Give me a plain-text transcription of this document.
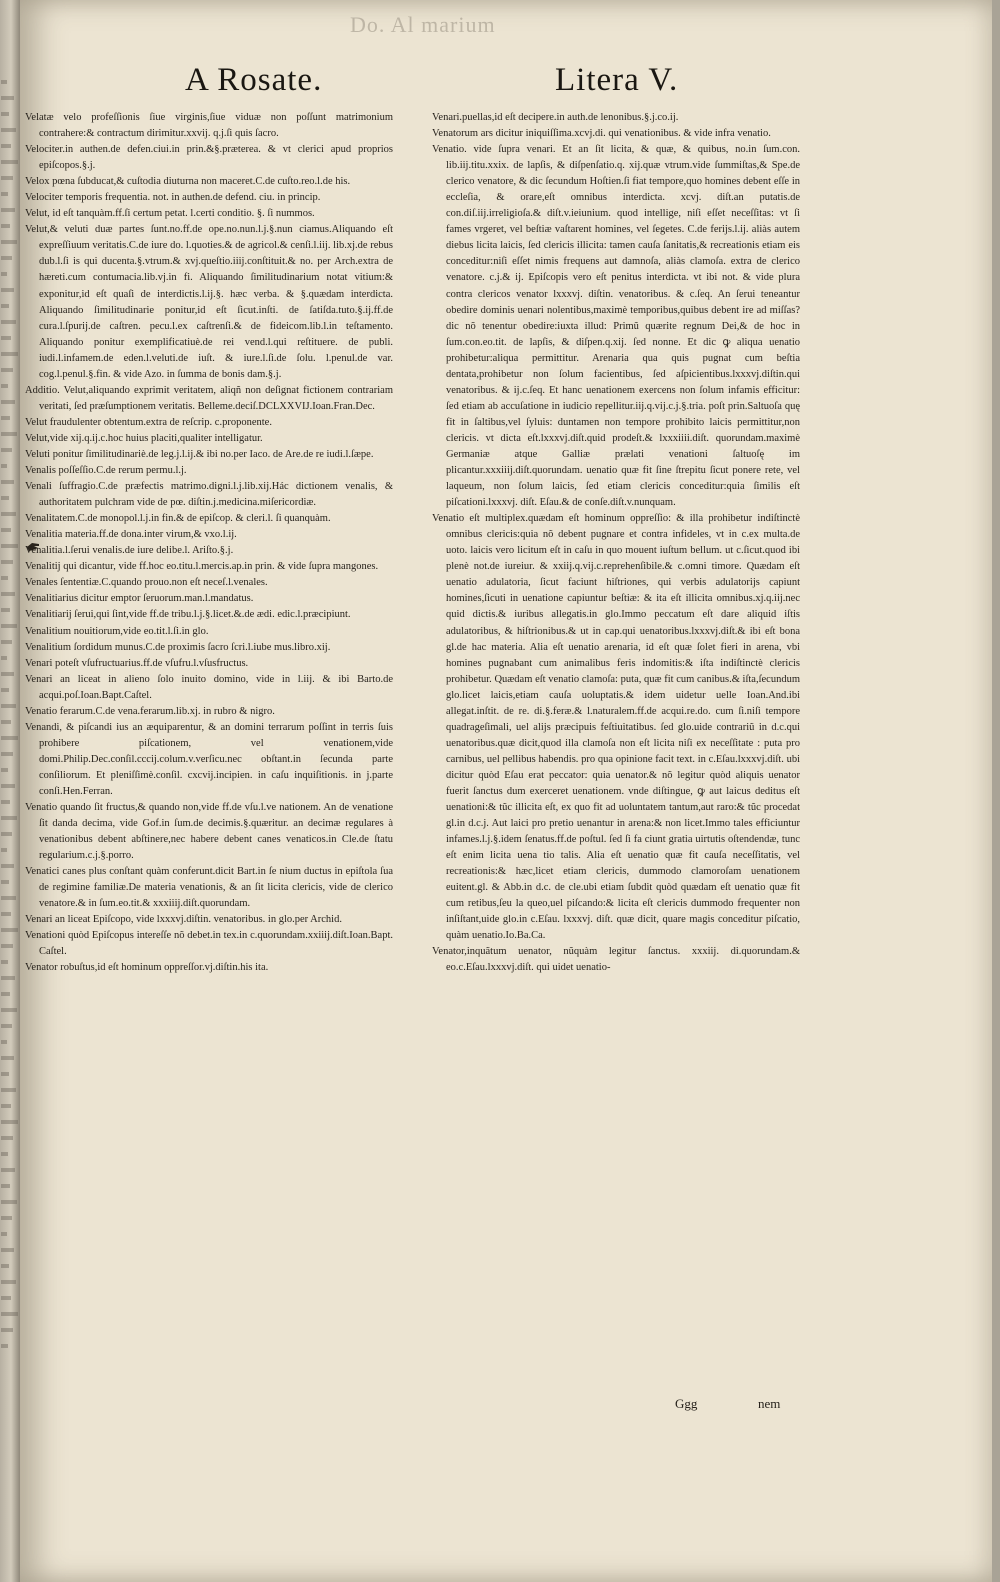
Do. Al marium
A Rosate.	Litera V.

Velatæ velo profeſſionis ſiue virginis,ſiue viduæ non poſſunt matrimonium contrahere:& contractum dirimitur.xxvij. q.j.ſi quis ſacro.

Velociter.in authen.de defen.ciui.in prin.&§.præterea. & vt clerici apud proprios epiſcopos.§.j.

Velox pœna ſubducat,& cuſtodia diuturna non maceret.C.de cuſto.reo.l.de his.

Velociter temporis frequentia. not. in authen.de defend. ciu. in princip.

Velut, id eſt tanquàm.ff.ſi certum petat. l.certi conditio. §. ſi nummos.

Velut,& veluti duæ partes ſunt.no.ff.de ope.no.nun.l.j.§.nun ciamus.Aliquando eſt expreſſiuum veritatis.C.de iure do. l.quoties.& de agricol.& cenſi.l.iij. lib.xj.de rebus dub.l.ſi is qui ducenta.§.vtrum.& xvj.queſtio.iiij.conſtituit.& no. per Arch.extra de hæreti.cum contumacia.lib.vj.in fi. Aliquando ſimilitudinarium notat vitium:& exponitur,id eſt quaſi de interdictis.l.ij.§. hæc verba. & §.quædam interdicta. Aliquando ſimilitudinarie ponitur,id eſt ſicut.inſti. de ſatiſda.tuto.§.ij.ff.de cura.l.ſpurij.de caſtren. pecu.l.ex caſtrenſi.& de fideicom.lib.l.in teſtamento. Aliquando ponitur exemplificatiuè.de rei vend.l.qui reſtituere. de publi. iudi.l.infamem.de eden.l.veluti.de iuſt. & iure.l.ſi.de ſolu. l.penul.de var. cog.l.penul.§.fin. & vide Azo. in ſumma de bonis dam.§.j.

Additio. Velut,aliquando exprimit veritatem, aliqñ non deſignat fictionem contrariam veritati, ſed præſumptionem veritatis. Belleme.deciſ.DCLXXVIJ.Ioan.Fran.Dec.

Velut fraudulenter obtentum.extra de reſcrip. c.proponente.

Velut,vide xij.q.ij.c.hoc huius placiti,qualiter intelligatur.

Veluti ponitur ſimilitudinariè.de leg.j.l.ij.& ibi no.per Iaco. de Are.de re iudi.l.ſæpe.

Venalis poſſeſſio.C.de rerum permu.l.j.

Venali ſuffragio.C.de præfectis matrimo.digni.l.j.lib.xij.Hác dictionem venalis, & authoritatem pulchram vide de pœ. diſtin.j.medicina.miſericordiæ.

Venalitatem.C.de monopol.l.j.in fin.& de epiſcop. & cleri.l. ſi quanquàm.

Venalitia materia.ff.de dona.inter virum,& vxo.l.ij.

Venalitia.l.ſerui venalis.de iure delibe.l. Ariſto.§.j.

Venalitij qui dicantur, vide ff.hoc eo.titu.l.mercis.ap.in prin. & vide ſupra mangones.

Venales ſententiæ.C.quando prouo.non eſt neceſ.l.venales.

Venalitiarius dicitur emptor ſeruorum.man.l.mandatus.

Venalitiarij ſerui,qui ſint,vide ff.de tribu.l.j.§.licet.&.de ædi. edic.l.præcipiunt.

Venalitium nouitiorum,vide eo.tit.l.ſi.in glo.

Venalitium ſordidum munus.C.de proximis ſacro ſcri.l.iube mus.libro.xij.

Venari poteſt vſufructuarius.ff.de vſufru.l.vſusfructus.

Venari an liceat in alieno ſolo inuito domino, vide in l.iij. & ibi Barto.de acqui.poſ.Ioan.Bapt.Caſtel.

Venatio ferarum.C.de vena.ferarum.lib.xj. in rubro & nigro.

Venandi, & piſcandi ius an æquiparentur, & an domini terrarum poſſint in terris ſuis prohibere piſcationem, vel venationem,vide domi.Philip.Dec.conſil.cccij.colum.v.verſicu.nec obſtant.in ſecunda parte conſiliorum. Et pleniſſimè.conſil. cxcvij.incipien. in caſu inquiſitionis. in j.parte conſi.Hen.Ferran.

Venatio quando ſit fructus,& quando non,vide ff.de vſu.l.ve nationem. An de venatione ſit danda decima, vide Gof.in ſum.de decimis.§.quæritur. an decimæ regulares à venationibus debent abſtinere,nec habere debent canes venaticos.in Cle.de ſtatu regularium.c.j.§.porro.

Venatici canes plus conſtant quàm conferunt.dicit Bart.in ſe nium ductus in epiſtola ſua de regimine familiæ.De materia venationis, & an ſit licita clericis, vide de clerico venatore.& in ſum.eo.tit.& xxxiiij.diſt.quorundam.

Venari an liceat Epiſcopo, vide lxxxvj.diſtin. venatoribus. in glo.per Archid.

Venationi quòd Epiſcopus intereſſe nõ debet.in tex.in c.quorundam.xxiiij.diſt.Ioan.Bapt. Caſtel.

Venator robuſtus,id eſt hominum oppreſſor.vj.diſtin.his ita.

Venari.puellas,id eſt decipere.in auth.de lenonibus.§.j.co.ij.

Venatorum ars dicitur iniquiſſima.xcvj.di. qui venationibus. & vide infra venatio.

Venatio. vide ſupra venari. Et an ſit licita, & quæ, & quibus, no.in ſum.con. lib.iij.titu.xxix. de lapſis, & diſpenſatio.q. xij.quæ vtrum.vide ſummiſtas,& Spe.de clerico venatore, & dic ſecundum Hoſtien.ſi fiat tempore,quo homines debent eſſe in eccleſia, & orare,eſt omnibus interdicta. xcvj. diſt.an putatis.de con.diſ.iij.irreligioſa.& diſt.v.ieiunium. quod intellige, niſi eſſet neceſſitas: vt ſi fames vrgeret, vel beſtiæ vaſtarent homines, vel ſegetes. C.de ferijs.l.ij. aliàs autem diebus licita laicis, ſed clericis illicita: tamen cauſa ſanitatis,& recreationis etiam eis conceditur:niſi eſſet nimis frequens aut damnoſa, aliàs clamoſa. extra de clerico venatore. c.j.& ij. Epiſcopis vero eſt penitus interdicta. vt ibi not. & vide plura contra clericos venator lxxxvj. diſtin. venatoribus. & c.ſeq. An ſerui teneantur obedire dominis uenari nolentibus,maximè temporibus,quibus debent ire ad miſſas?dic nõ tenentur obedire:iuxta illud: Primũ quærite regnum Dei,& de hoc in ſum.con.eo.tit. de lapſis, & diſpen.q.xij. ſed nonne. Et dic ꝙ aliqua uenatio prohibetur:aliqua permittitur. Arenaria qua quis pugnat cum beſtia dentata,prohibetur non ſolum facientibus, ſed aſpicientibus.lxxxvj.diſtin.qui venatoribus. & ij.c.ſeq. Et hanc uenationem exercens non ſolum infamis efficitur: ſed etiam ab accuſatione in iudicio repellitur.iij.q.vij.c.j.§.tria. poſt prin.Saltuoſa quę fit in ſaltibus,vel ſyluis: duntamen non tempore prohibito laicis permittitur,non clericis. vt dicta eſt.lxxxvj.diſt.quid prodeſt.& lxxxiiii.diſt. quorundam.maximè Germaniæ atque Galliæ prælati venationi ſaltuoſę im plicantur.xxxiiij.diſt.quorundam. uenatio quæ fit ſine ſtrepitu ſicut ponere rete, vel laqueum, non ſolum laicis, ſed etiam clericis conceditur:quia ſimilis eſt piſcationi.lxxxvj. diſt. Eſau.& de conſe.diſt.v.nunquam.

Venatio eſt multiplex.quædam eſt hominum oppreſſio: & illa prohibetur indiſtinctè omnibus clericis:quia nõ debent pugnare et contra infideles, vt in c.ex multa.de uoto. laicis vero licitum eſt in caſu in quo mouent iuſtum bellum. ut c.ſicut.quod ibi plenè not.de iureiur. & xxiij.q.vij.c.reprehenſibile.& c.omni timore. Quædam eſt uenatio adulatoria, ſicut faciunt hiſtriones, qui verbis adulatorijs capiunt homines,ſicuti in uenatione capiuntur beſtiæ: & ita eſt illicita omnibus.xj.q.iij.nec quid dictis.& iuribus allegatis.in glo.Immo peccatum eſt dare aliquid iſtis adulatoribus, & hiſtrionibus.& ut in cap.qui uenatoribus.lxxxvj.diſt.& ibi eſt bona gl.de hac materia. Alia eſt uenatio arenaria, id eſt quæ ſolet fieri in arena, vbi homines pugnabant cum animalibus feris indomitis:& iſta indiſtinctè clericis prohibetur. Quædam eſt venatio clamoſa: puta, quæ fit cum canibus.& iſta,ſecundum glo.licet laicis,etiam cauſa uoluptatis.& idem uidetur uelle Ioan.And.ibi allegat.inſtit. de re. di.§.feræ.& l.naturalem.ff.de acqui.re.do. cum ſi.niſi tempore quadrageſimali, uel alijs præcipuis feſtiuitatibus. ſed glo.uide contrariũ in d.c.qui uenatoribus.quæ dicit,quod illa clamoſa non eſt licita niſi ex neceſſitate : puta pro carnibus, uel pellibus habendis. pro qua opinione facit text. in c.Eſau.lxxxvj.diſt. ubi dicitur quòd Eſau erat peccator: quia uenator.& nõ legitur quòd aliquis uenator fuerit ſanctus dum exerceret uenationem. vnde diſtingue, ꝙ aut laicus deditus eſt uenationi:& tũc illicita eſt, ex quo fit ad uoluntatem tantum,aut raro:& tũc procedat gl.in d.c.j. Aut laici pro pretio uenantur in arena:& non licet.Immo tales efficiuntur infames.l.j.§.idem ſenatus.ff.de poſtul. ſed ſi fa ciunt gratia uirtutis oſtendendæ, tunc eſt enim licita uena tio talis. Alia eſt uenatio quæ fit cauſa neceſſitatis, vel recreationis:& hæc,licet etiam clericis, dummodo clamoroſam uenationem euitent.gl. & Abb.in d.c. de cle.ubi etiam ſubdit quòd quædam eſt uenatio quæ fit cum retibus,ſeu la queo,uel piſcando:& licita eſt clericis dummodo frequenter non inſiſtant,uide glo.in c.Eſau. lxxxvj. diſt. quæ dicit, quare magis conceditur piſcatio, quàm uenatio.Io.Ba.Ca.

Venator,inquãtum uenator, nũquàm legitur ſanctus. xxxiij. di.quorundam.& eo.c.Eſau.lxxxvj.diſt. qui uidet uenatio-

Ggg	nem
